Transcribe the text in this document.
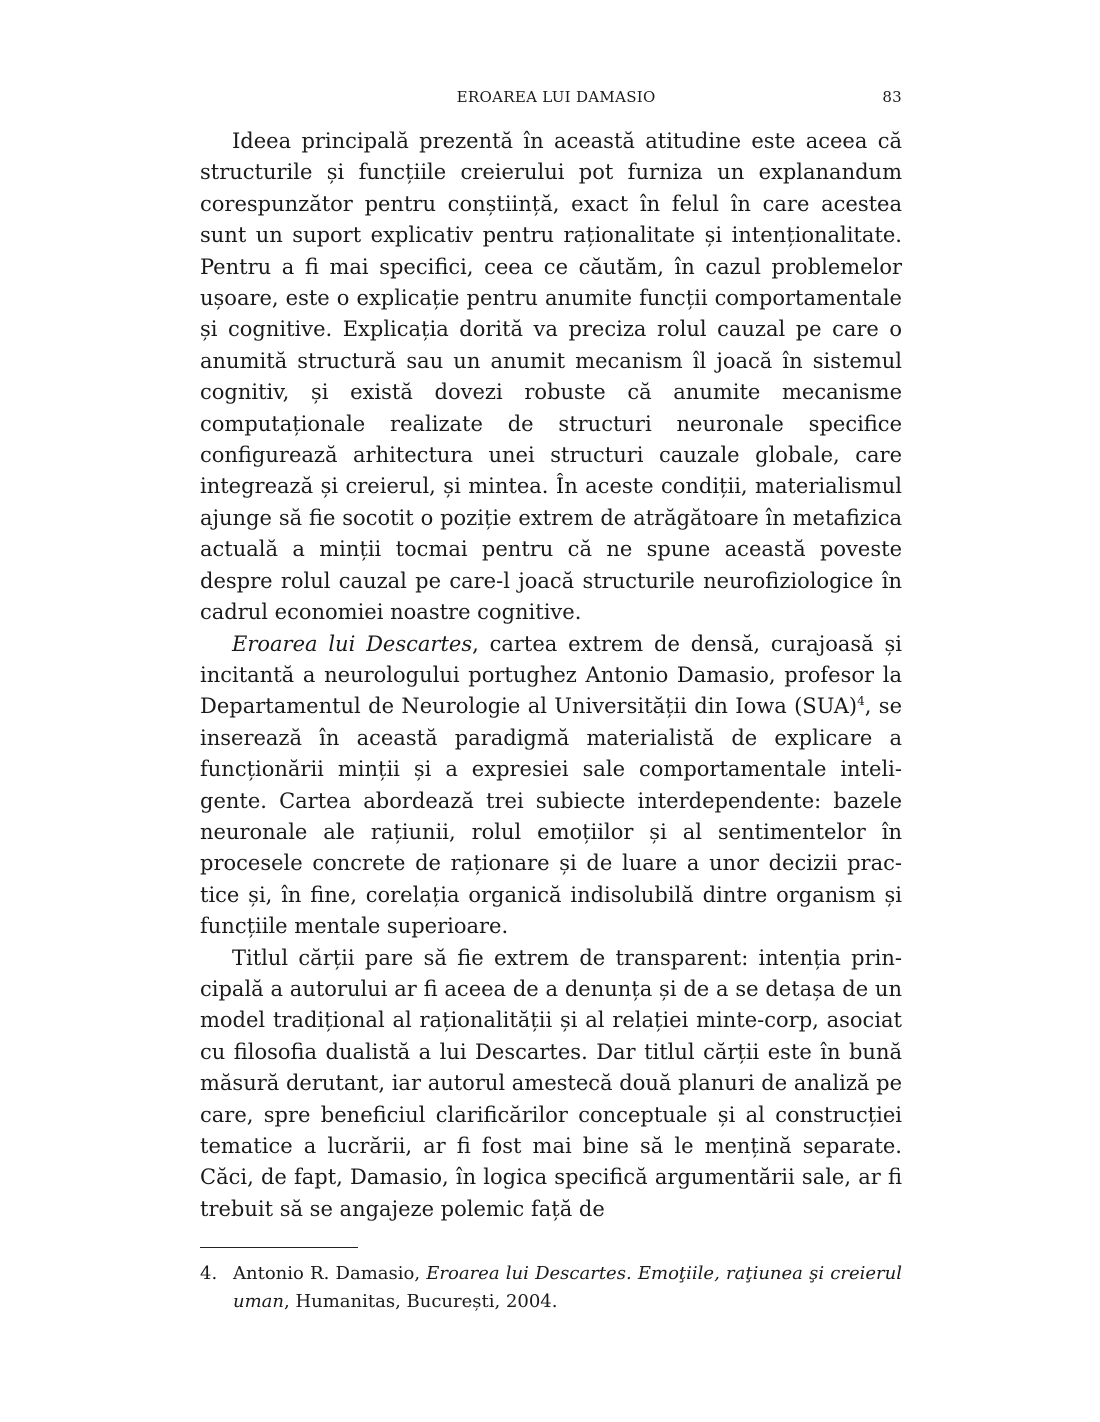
EROAREA LUI DAMASIO	83

Ideea principală prezentă în această atitudine este aceea că structurile și funcțiile creierului pot furniza un explanandum corespunzător pentru conștiință, exact în felul în care acestea sunt un suport explicativ pentru raționalitate și intenționalitate. Pentru a fi mai specifici, ceea ce căutăm, în cazul problemelor ușoare, este o explicație pentru anumite funcții comportamentale și cognitive. Explicația dorită va preciza rolul cauzal pe care o anumită structură sau un anumit mecanism îl joacă în sistemul cognitiv, și există dovezi robuste că anumite mecanisme computaționale realizate de structuri neuronale specifice configurează arhitectura unei structuri cauzale globale, care integrează și creierul, și mintea. În aceste condiții, materialismul ajunge să fie socotit o poziție extrem de atrăgătoare în metafizica actuală a minții tocmai pentru că ne spune această poveste despre rolul cauzal pe care-l joacă structurile neurofiziologice în cadrul economiei noastre cognitive.

Eroarea lui Descartes, cartea extrem de densă, curajoasă și incitantă a neurologului portughez Antonio Damasio, profesor la Departamentul de Neurologie al Universității din Iowa (SUA)$^4$, se inserează în această paradigmă materialistă de explicare a funcționării minții și a expresiei sale comportamentale inteligente. Cartea abordează trei subiecte interdependente: bazele neuronale ale rațiunii, rolul emoțiilor și al sentimentelor în procesele concrete de raționare și de luare a unor decizii practice și, în fine, corelația organică indisolubilă dintre organism și funcțiile mentale superioare.

Titlul cărții pare să fie extrem de transparent: intenția principală a autorului ar fi aceea de a denunța și de a se detașa de un model tradițional al raționalității și al relației minte-corp, asociat cu filosofia dualistă a lui Descartes. Dar titlul cărții este în bună măsură derutant, iar autorul amestecă două planuri de analiză pe care, spre beneficiul clarificărilor conceptuale și al construcției tematice a lucrării, ar fi fost mai bine să le mențină separate. Căci, de fapt, Damasio, în logica specifică argumentării sale, ar fi trebuit să se angajeze polemic față de

4. Antonio R. Damasio, Eroarea lui Descartes. Emoţiile, raţiunea şi creierul uman, Humanitas, București, 2004.
